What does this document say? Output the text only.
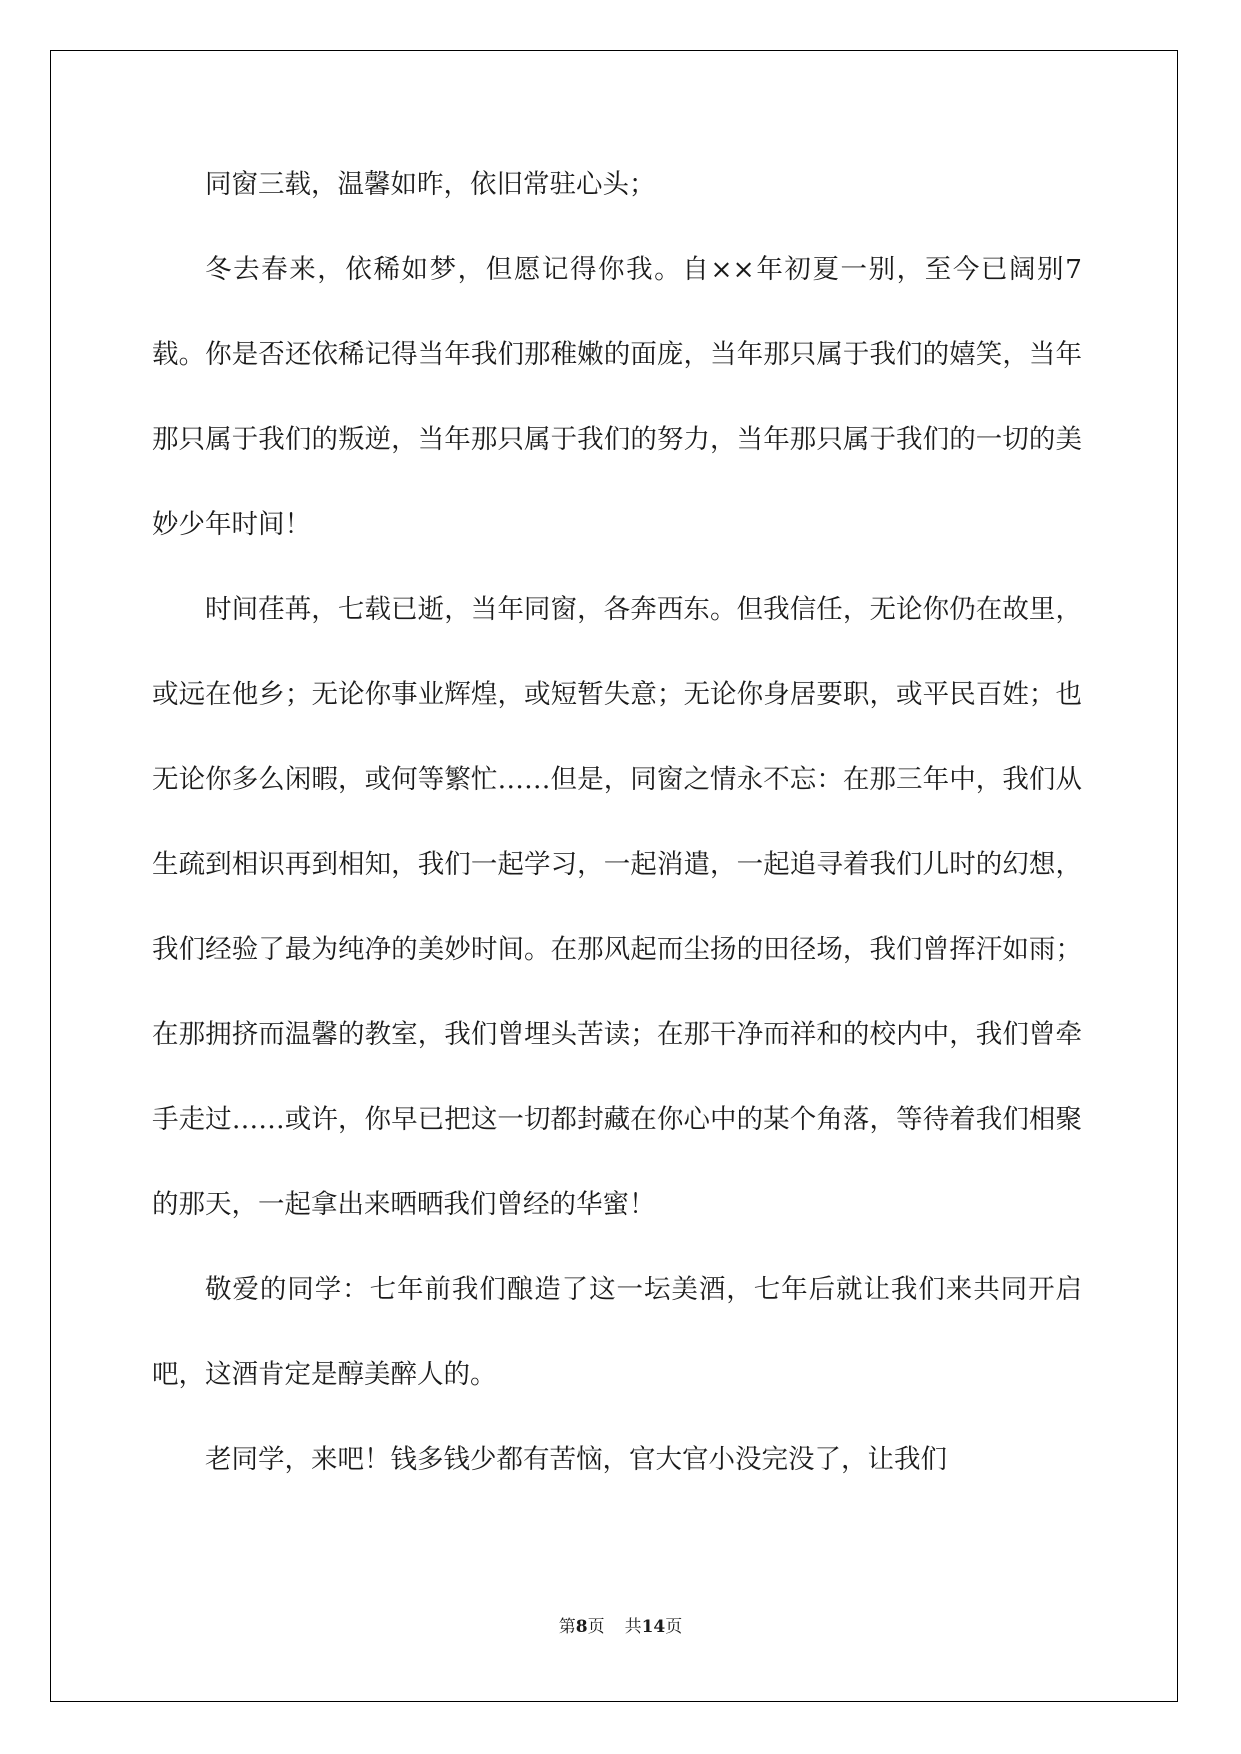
同窗三载，温馨如昨，依旧常驻心头；

冬去春来，依稀如梦，但愿记得你我。自××年初夏一别，至今已阔别7载。你是否还依稀记得当年我们那稚嫩的面庞，当年那只属于我们的嬉笑，当年那只属于我们的叛逆，当年那只属于我们的努力，当年那只属于我们的一切的美妙少年时间！

时间荏苒，七载已逝，当年同窗，各奔西东。但我信任，无论你仍在故里，或远在他乡；无论你事业辉煌，或短暂失意；无论你身居要职，或平民百姓；也无论你多么闲暇，或何等繁忙……但是，同窗之情永不忘：在那三年中，我们从生疏到相识再到相知，我们一起学习，一起消遣，一起追寻着我们儿时的幻想，我们经验了最为纯净的美妙时间。在那风起而尘扬的田径场，我们曾挥汗如雨；在那拥挤而温馨的教室，我们曾埋头苦读；在那干净而祥和的校内中，我们曾牵手走过……或许，你早已把这一切都封藏在你心中的某个角落，等待着我们相聚的那天，一起拿出来晒晒我们曾经的华蜜！

敬爱的同学：七年前我们酿造了这一坛美酒，七年后就让我们来共同开启吧，这酒肯定是醇美醉人的。

老同学，来吧！钱多钱少都有苦恼，官大官小没完没了，让我们

第8页 共14页
